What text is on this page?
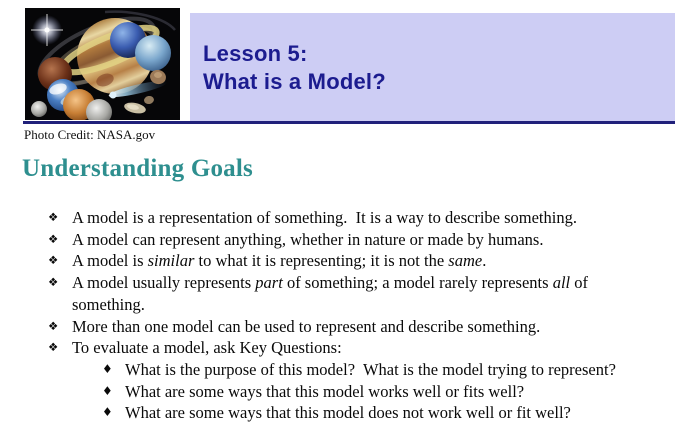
Lesson 5:
What is a Model?
Photo Credit: NASA.gov
Understanding Goals
❖ A model is a representation of something.  It is a way to describe something.
❖ A model can represent anything, whether in nature or made by humans.
❖ A model is similar to what it is representing; it is not the same.
❖ A model usually represents part of something; a model rarely represents all of
something.
❖ More than one model can be used to represent and describe something.
❖ To evaluate a model, ask Key Questions:
♦ What is the purpose of this model?  What is the model trying to represent?
♦ What are some ways that this model works well or fits well?
♦ What are some ways that this model does not work well or fit well?
